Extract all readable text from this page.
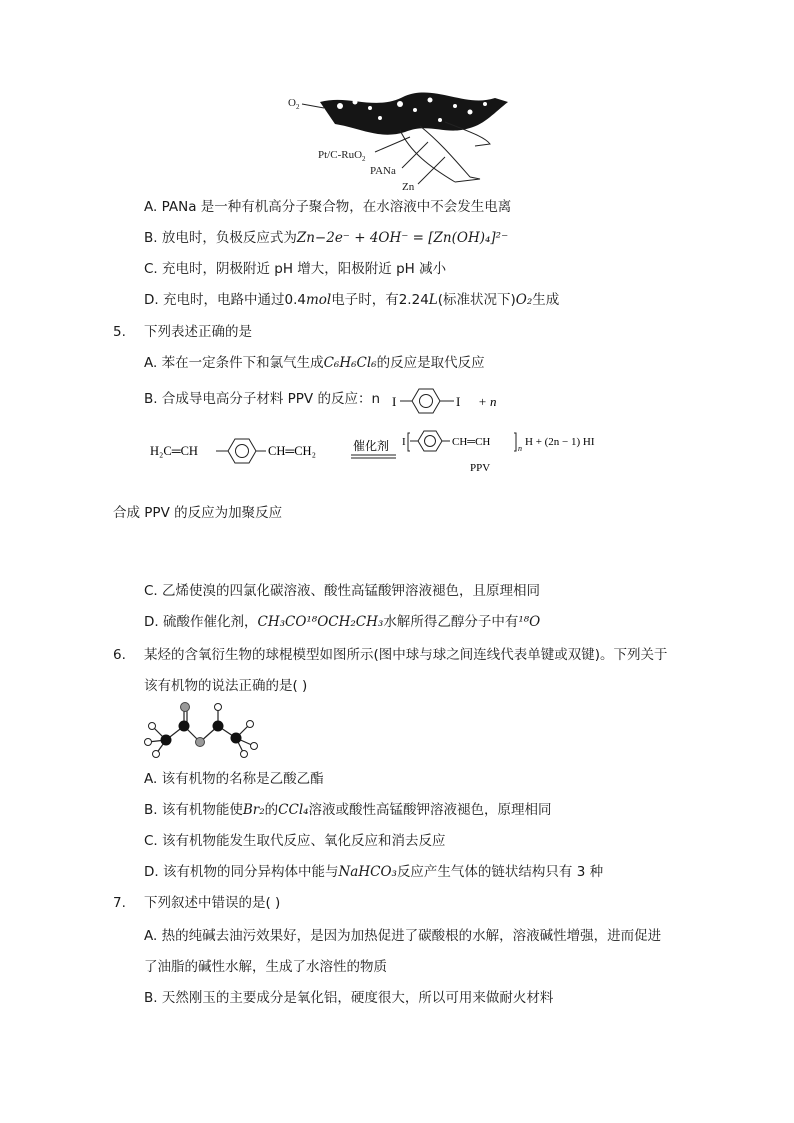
$O_2$
Pt/C-RuO$_2$
PANa
Zn
A. PANa 是一种有机高分子聚合物，在水溶液中不会发生电离
B. 放电时，负极反应式为Zn−2e⁻ + 4OH⁻ = [Zn(OH)₄]²⁻
C. 充电时，阴极附近 pH 增大，阳极附近 pH 减小
D. 充电时，电路中通过0.4mol电子时，有2.24L(标准状况下)O₂生成
5. 下列表述正确的是
A. 苯在一定条件下和氯气生成C₆H₆Cl₆的反应是取代反应
B. 合成导电高分子材料 PPV 的反应：n I	I + n
H₂C═CH	CH═CH₂	催化剂 I	CH═CH
n
H + (2n − 1) HI
PPV
合成 PPV 的反应为加聚反应
C. 乙烯使溴的四氯化碳溶液、酸性高锰酸钾溶液褪色，且原理相同
D. 硫酸作催化剂，CH₃CO¹⁸OCH₂CH₃水解所得乙醇分子中有¹⁸O
6. 某烃的含氧衍生物的球棍模型如图所示(图中球与球之间连线代表单键或双键)。下列关于
该有机物的说法正确的是( )
A. 该有机物的名称是乙酸乙酯
B. 该有机物能使Br₂的CCl₄溶液或酸性高锰酸钾溶液褪色，原理相同
C. 该有机物能发生取代反应、氧化反应和消去反应
D. 该有机物的同分异构体中能与NaHCO₃反应产生气体的链状结构只有 3 种
7. 下列叙述中错误的是( )
A. 热的纯碱去油污效果好，是因为加热促进了碳酸根的水解，溶液碱性增强，进而促进
了油脂的碱性水解，生成了水溶性的物质
B. 天然刚玉的主要成分是氧化铝，硬度很大，所以可用来做耐火材料
